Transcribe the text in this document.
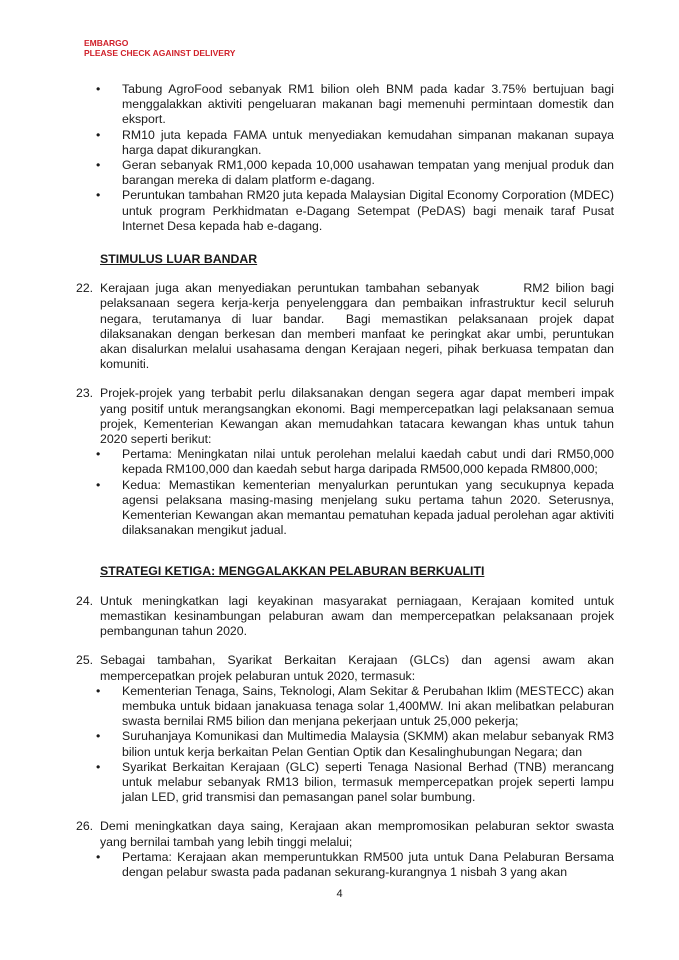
EMBARGO
PLEASE CHECK AGAINST DELIVERY
• Tabung AgroFood sebanyak RM1 bilion oleh BNM pada kadar 3.75% bertujuan bagi menggalakkan aktiviti pengeluaran makanan bagi memenuhi permintaan domestik dan eksport.
• RM10 juta kepada FAMA untuk menyediakan kemudahan simpanan makanan supaya harga dapat dikurangkan.
• Geran sebanyak RM1,000 kepada 10,000 usahawan tempatan yang menjual produk dan barangan mereka di dalam platform e-dagang.
• Peruntukan tambahan RM20 juta kepada Malaysian Digital Economy Corporation (MDEC) untuk program Perkhidmatan e-Dagang Setempat (PeDAS) bagi menaik taraf Pusat Internet Desa kepada hab e-dagang.
STIMULUS LUAR BANDAR
22. Kerajaan juga akan menyediakan peruntukan tambahan sebanyak       RM2 bilion bagi pelaksanaan segera kerja-kerja penyelenggara dan pembaikan infrastruktur kecil seluruh negara, terutamanya di luar bandar.  Bagi memastikan pelaksanaan projek dapat dilaksanakan dengan berkesan dan memberi manfaat ke peringkat akar umbi, peruntukan akan disalurkan melalui usahasama dengan Kerajaan negeri, pihak berkuasa tempatan dan komuniti.
23. Projek-projek yang terbabit perlu dilaksanakan dengan segera agar dapat memberi impak yang positif untuk merangsangkan ekonomi. Bagi mempercepatkan lagi pelaksanaan semua projek, Kementerian Kewangan akan memudahkan tatacara kewangan khas untuk tahun 2020 seperti berikut:
• Pertama: Meningkatan nilai untuk perolehan melalui kaedah cabut undi dari RM50,000 kepada RM100,000 dan kaedah sebut harga daripada RM500,000 kepada RM800,000;
• Kedua: Memastikan kementerian menyalurkan peruntukan yang secukupnya kepada agensi pelaksana masing-masing menjelang suku pertama tahun 2020. Seterusnya, Kementerian Kewangan akan memantau pematuhan kepada jadual perolehan agar aktiviti dilaksanakan mengikut jadual.
STRATEGI KETIGA: MENGGALAKKAN PELABURAN BERKUALITI
24. Untuk meningkatkan lagi keyakinan masyarakat perniagaan, Kerajaan komited untuk memastikan kesinambungan pelaburan awam dan mempercepatkan pelaksanaan projek pembangunan tahun 2020.
25. Sebagai tambahan, Syarikat Berkaitan Kerajaan (GLCs) dan agensi awam akan mempercepatkan projek pelaburan untuk 2020, termasuk:
• Kementerian Tenaga, Sains, Teknologi, Alam Sekitar & Perubahan Iklim (MESTECC) akan membuka untuk bidaan janakuasa tenaga solar 1,400MW. Ini akan melibatkan pelaburan swasta bernilai RM5 bilion dan menjana pekerjaan untuk 25,000 pekerja;
• Suruhanjaya Komunikasi dan Multimedia Malaysia (SKMM) akan melabur sebanyak RM3 bilion untuk kerja berkaitan Pelan Gentian Optik dan Kesalinghubungan Negara; dan
• Syarikat Berkaitan Kerajaan (GLC) seperti Tenaga Nasional Berhad (TNB) merancang untuk melabur sebanyak RM13 bilion, termasuk mempercepatkan projek seperti lampu jalan LED, grid transmisi dan pemasangan panel solar bumbung.
26. Demi meningkatkan daya saing, Kerajaan akan mempromosikan pelaburan sektor swasta yang bernilai tambah yang lebih tinggi melalui;
• Pertama: Kerajaan akan memperuntukkan RM500 juta untuk Dana Pelaburan Bersama dengan pelabur swasta pada padanan sekurang-kurangnya 1 nisbah 3 yang akan
4
